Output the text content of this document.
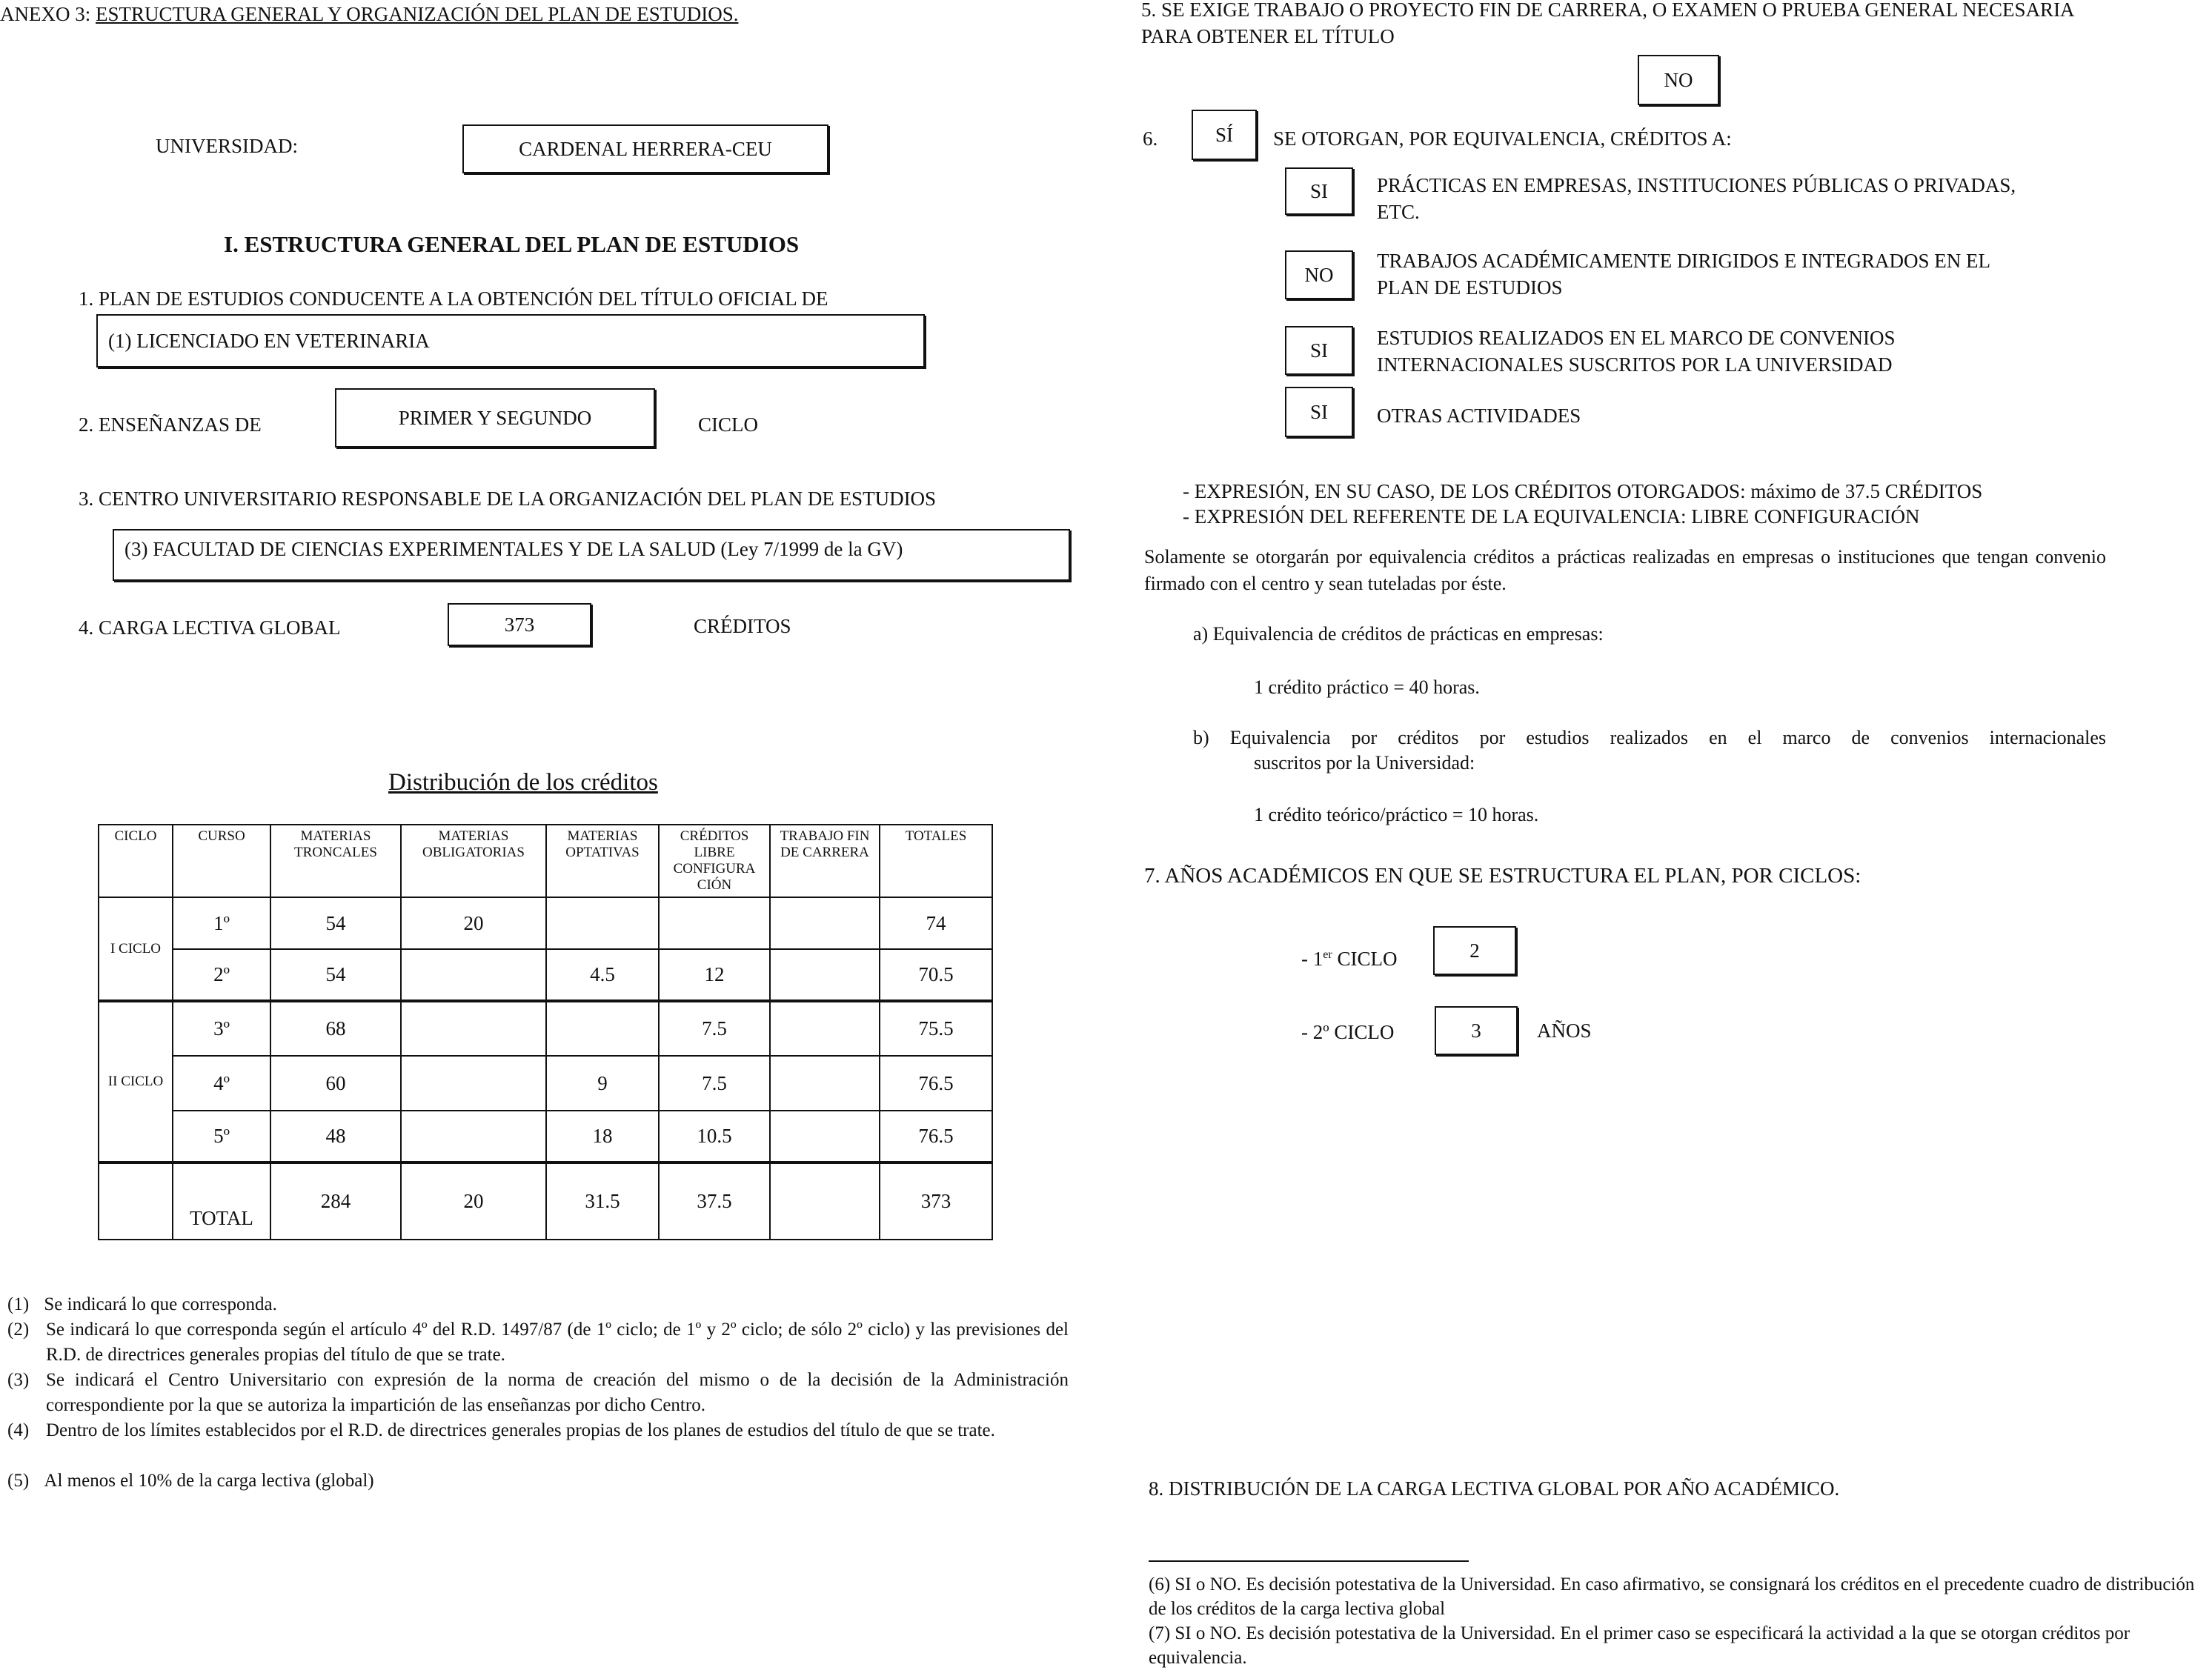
ANEXO 3: ESTRUCTURA GENERAL Y ORGANIZACIÓN DEL PLAN DE ESTUDIOS.
UNIVERSIDAD:	CARDENAL HERRERA-CEU
I. ESTRUCTURA GENERAL DEL PLAN DE ESTUDIOS
1. PLAN DE ESTUDIOS CONDUCENTE A LA OBTENCIÓN DEL TÍTULO OFICIAL DE
(1) LICENCIADO EN VETERINARIA
2. ENSEÑANZAS DE	PRIMER Y SEGUNDO	CICLO
3. CENTRO UNIVERSITARIO RESPONSABLE DE LA ORGANIZACIÓN DEL PLAN DE ESTUDIOS
(3) FACULTAD DE CIENCIAS EXPERIMENTALES Y DE LA SALUD (Ley 7/1999 de la GV)
4. CARGA LECTIVA GLOBAL	373	CRÉDITOS
Distribución de los créditos
CICLO	CURSO	MATERIAS TRONCALES	MATERIAS OBLIGATORIAS	MATERIAS OPTATIVAS	CRÉDITOS LIBRE CONFIGURA CIÓN	TRABAJO FIN DE CARRERA	TOTALES
I CICLO	1º	54	20				74
	2º	54		4.5	12		70.5
II CICLO	3º	68			7.5		75.5
	4º	60		9	7.5		76.5
	5º	48		18	10.5		76.5
	TOTAL	284	20	31.5	37.5		373
(1) Se indicará lo que corresponda.
(2) Se indicará lo que corresponda según el artículo 4º del R.D. 1497/87 (de 1º ciclo; de 1º y 2º ciclo; de sólo 2º ciclo) y las previsiones del R.D. de directrices generales propias del título de que se trate.
(3) Se indicará el Centro Universitario con expresión de la norma de creación del mismo o de la decisión de la Administración correspondiente por la que se autoriza la impartición de las enseñanzas por dicho Centro.
(4) Dentro de los límites establecidos por el R.D. de directrices generales propias de los planes de estudios del título de que se trate.
(5) Al menos el 10% de la carga lectiva (global)
5. SE EXIGE TRABAJO O PROYECTO FIN DE CARRERA, O EXAMEN O PRUEBA GENERAL NECESARIA
PARA OBTENER EL TÍTULO
NO
6.	SÍ SE OTORGAN, POR EQUIVALENCIA, CRÉDITOS A:
SI PRÁCTICAS EN EMPRESAS, INSTITUCIONES PÚBLICAS O PRIVADAS,
ETC.
NO
TRABAJOS ACADÉMICAMENTE DIRIGIDOS E INTEGRADOS EN EL
PLAN DE ESTUDIOS
SI
ESTUDIOS REALIZADOS EN EL MARCO DE CONVENIOS
INTERNACIONALES SUSCRITOS POR LA UNIVERSIDAD
SI OTRAS ACTIVIDADES
- EXPRESIÓN, EN SU CASO, DE LOS CRÉDITOS OTORGADOS: máximo de 37.5 CRÉDITOS
- EXPRESIÓN DEL REFERENTE DE LA EQUIVALENCIA: LIBRE CONFIGURACIÓN
Solamente se otorgarán por equivalencia créditos a prácticas realizadas en empresas o instituciones que tengan convenio firmado con el centro y sean tuteladas por éste.
a) Equivalencia de créditos de prácticas en empresas:
1 crédito práctico = 40 horas.
b) Equivalencia por créditos por estudios realizados en el marco de convenios internacionales
suscritos por la Universidad:
1 crédito teórico/práctico = 10 horas.
7. AÑOS ACADÉMICOS EN QUE SE ESTRUCTURA EL PLAN, POR CICLOS:
- 1er CICLO	2
- 2º CICLO	3	AÑOS
8. DISTRIBUCIÓN DE LA CARGA LECTIVA GLOBAL POR AÑO ACADÉMICO.
(6) SI o NO. Es decisión potestativa de la Universidad. En caso afirmativo, se consignará los créditos en el precedente cuadro de distribución de los créditos de la carga lectiva global
(7) SI o NO. Es decisión potestativa de la Universidad. En el primer caso se especificará la actividad a la que se otorgan créditos por equivalencia.
